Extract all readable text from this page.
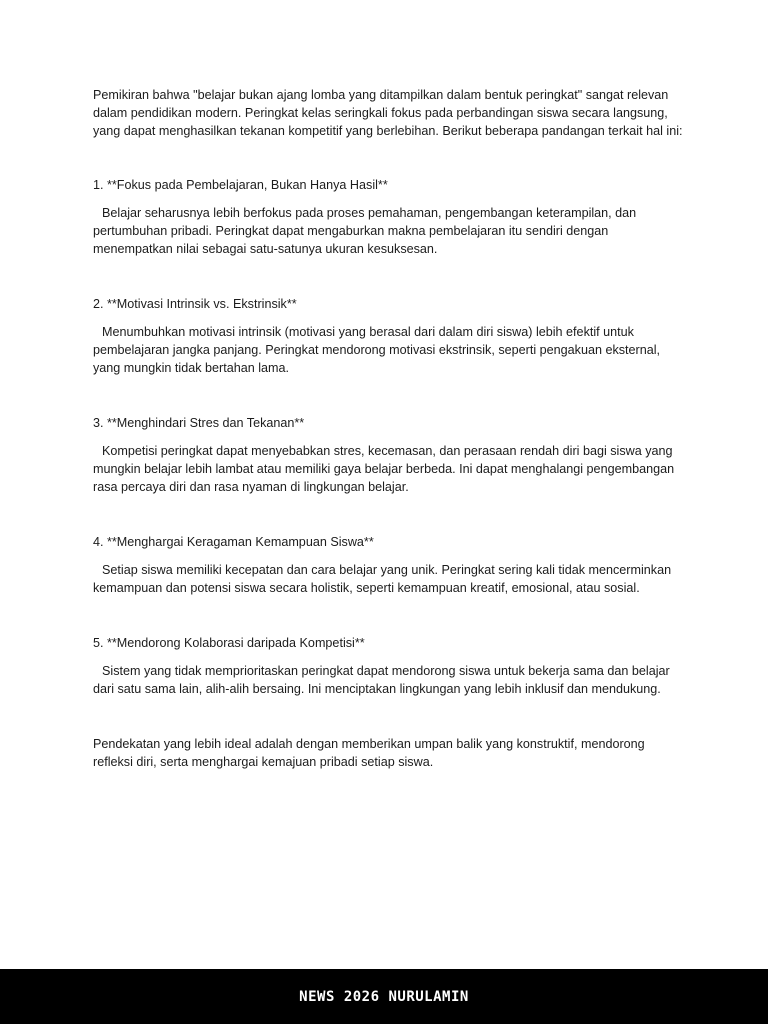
Pemikiran bahwa "belajar bukan ajang lomba yang ditampilkan dalam bentuk peringkat" sangat relevan dalam pendidikan modern. Peringkat kelas seringkali fokus pada perbandingan siswa secara langsung, yang dapat menghasilkan tekanan kompetitif yang berlebihan. Berikut beberapa pandangan terkait hal ini:

1. **Fokus pada Pembelajaran, Bukan Hanya Hasil**

Belajar seharusnya lebih berfokus pada proses pemahaman, pengembangan keterampilan, dan pertumbuhan pribadi. Peringkat dapat mengaburkan makna pembelajaran itu sendiri dengan menempatkan nilai sebagai satu-satunya ukuran kesuksesan.

2. **Motivasi Intrinsik vs. Ekstrinsik**

Menumbuhkan motivasi intrinsik (motivasi yang berasal dari dalam diri siswa) lebih efektif untuk pembelajaran jangka panjang. Peringkat mendorong motivasi ekstrinsik, seperti pengakuan eksternal, yang mungkin tidak bertahan lama.

3. **Menghindari Stres dan Tekanan**

Kompetisi peringkat dapat menyebabkan stres, kecemasan, dan perasaan rendah diri bagi siswa yang mungkin belajar lebih lambat atau memiliki gaya belajar berbeda. Ini dapat menghalangi pengembangan rasa percaya diri dan rasa nyaman di lingkungan belajar.

4. **Menghargai Keragaman Kemampuan Siswa**

Setiap siswa memiliki kecepatan dan cara belajar yang unik. Peringkat sering kali tidak mencerminkan kemampuan dan potensi siswa secara holistik, seperti kemampuan kreatif, emosional, atau sosial.

5. **Mendorong Kolaborasi daripada Kompetisi**

Sistem yang tidak memprioritaskan peringkat dapat mendorong siswa untuk bekerja sama dan belajar dari satu sama lain, alih-alih bersaing. Ini menciptakan lingkungan yang lebih inklusif dan mendukung.

Pendekatan yang lebih ideal adalah dengan memberikan umpan balik yang konstruktif, mendorong refleksi diri, serta menghargai kemajuan pribadi setiap siswa.

NEWS 2026 NURULAMIN
